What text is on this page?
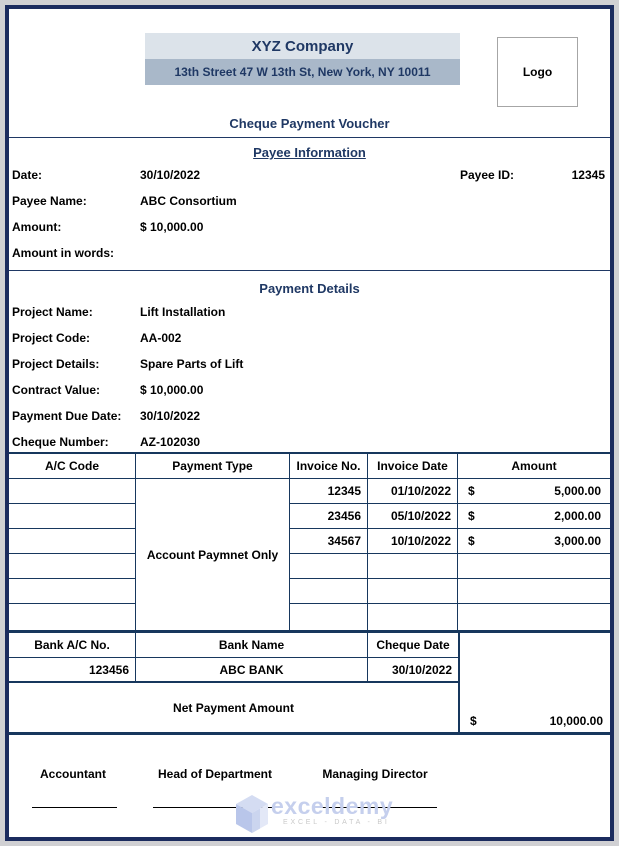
XYZ Company
13th Street 47 W 13th St, New York, NY 10011	Logo
Cheque Payment Voucher
Payee Information
Date:	30/10/2022	Payee ID:	12345
Payee Name:	ABC Consortium
Amount:	$ 10,000.00
Amount in words:
Payment Details
Project Name:	Lift Installation
Project Code:	AA-002
Project Details:	Spare Parts of Lift
Contract Value:	$ 10,000.00
Payment Due Date: 30/10/2022
Cheque Number:	AZ-102030
A/C Code	Payment Type	Invoice No.	Invoice Date	Amount
Account Paymnet Only
12345	01/10/2022	$	5,000.00
23456	05/10/2022	$	2,000.00
34567	10/10/2022	$	3,000.00
Bank A/C No.	Bank Name	Cheque Date
123456	ABC BANK	30/10/2022
Net Payment Amount
$	10,000.00
Accountant	Head of Department	Managing Director
exceldemy
EXCEL - DATA - BI
